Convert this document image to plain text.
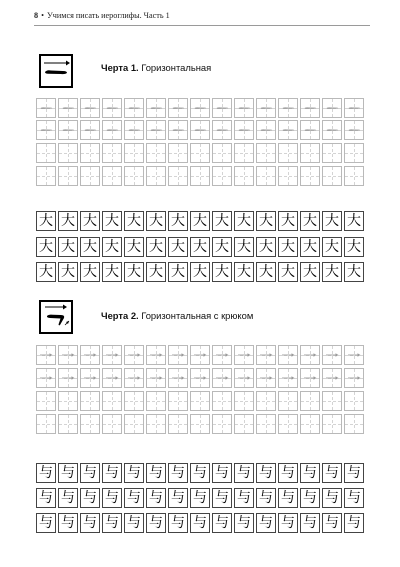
8 • Учимся писать иероглифы. Часть 1
Черта 1. Горизонтальная
大 大 大 大 大 大 大 大 大 大 大 大 大 大 大
大 大 大 大 大 大 大 大 大 大 大 大 大 大 大
大 大 大 大 大 大 大 大 大 大 大 大 大 大 大
Черта 2. Горизонтальная с крюком
与 与 与 与 与 与 与 与 与 与 与 与 与 与 与
与 与 与 与 与 与 与 与 与 与 与 与 与 与 与
与 与 与 与 与 与 与 与 与 与 与 与 与 与 与
